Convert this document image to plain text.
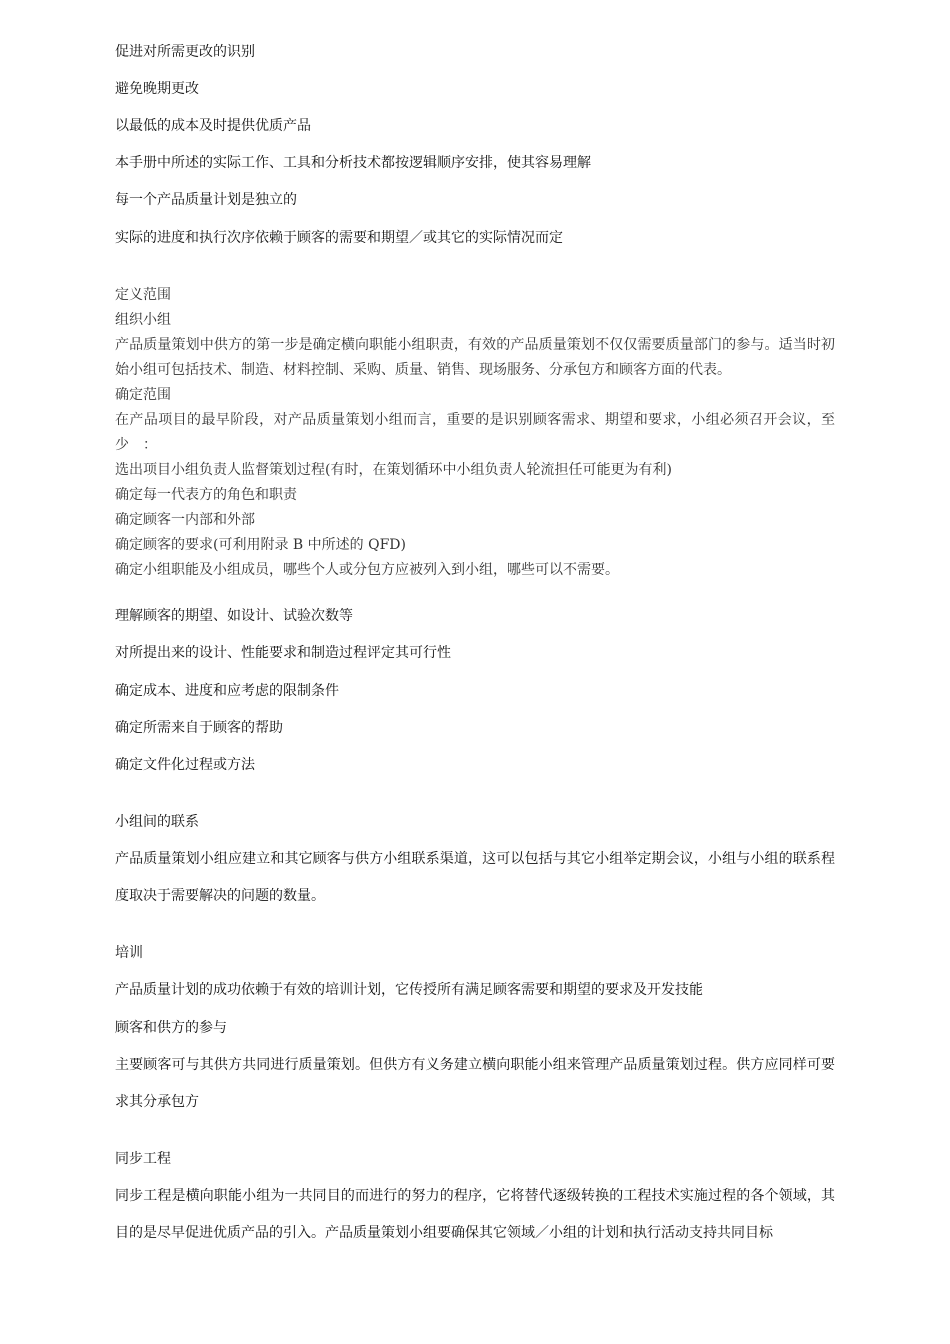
促进对所需更改的识别
避免晚期更改
以最低的成本及时提供优质产品
本手册中所述的实际工作、工具和分析技术都按逻辑顺序安排，使其容易理解
每一个产品质量计划是独立的
实际的进度和执行次序依赖于顾客的需要和期望／或其它的实际情况而定

定义范围

组织小组

产品质量策划中供方的第一步是确定横向职能小组职责，有效的产品质量策划不仅仅需要质量部门的参与。适当时初始小组可包括技术、制造、材料控制、采购、质量、销售、现场服务、分承包方和顾客方面的代表。

确定范围

在产品项目的最早阶段，对产品质量策划小组而言，重要的是识别顾客需求、期望和要求，小组必须召开会议，至少　：

选出项目小组负责人监督策划过程(有时，在策划循环中小组负责人轮流担任可能更为有利)

确定每一代表方的角色和职责

确定顾客一内部和外部

确定顾客的要求(可利用附录 B 中所述的 QFD)

确定小组职能及小组成员，哪些个人或分包方应被列入到小组，哪些可以不需要。

理解顾客的期望、如设计、试验次数等
对所提出来的设计、性能要求和制造过程评定其可行性
确定成本、进度和应考虑的限制条件
确定所需来自于顾客的帮助
确定文件化过程或方法
小组间的联系

产品质量策划小组应建立和其它顾客与供方小组联系渠道，这可以包括与其它小组举定期会议，小组与小组的联系程度取决于需要解决的问题的数量。

培训
产品质量计划的成功依赖于有效的培训计划，它传授所有满足顾客需要和期望的要求及开发技能
顾客和供方的参与

主要顾客可与其供方共同进行质量策划。但供方有义务建立横向职能小组来管理产品质量策划过程。供方应同样可要求其分承包方

同步工程

同步工程是横向职能小组为一共同目的而进行的努力的程序，它将替代逐级转换的工程技术实施过程的各个领域，其目的是尽早促进优质产品的引入。产品质量策划小组要确保其它领域／小组的计划和执行活动支持共同目标
